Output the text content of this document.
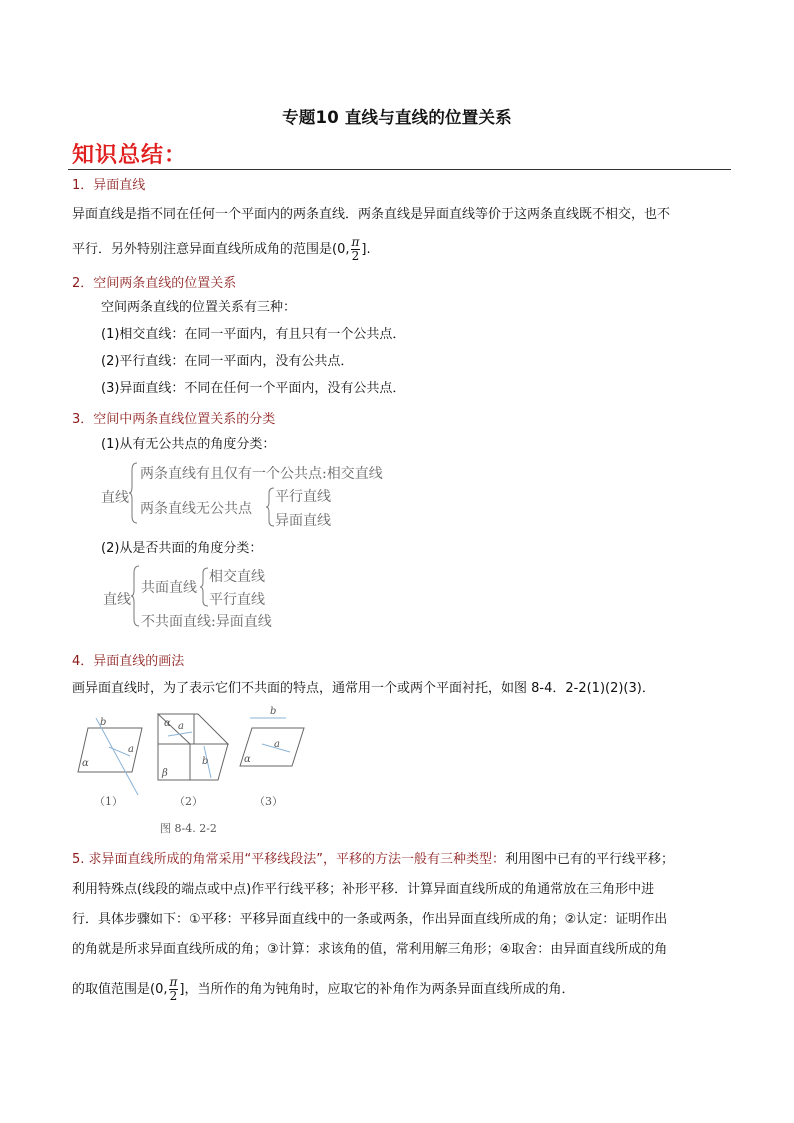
专题10 直线与直线的位置关系
知识总结：
1．异面直线
异面直线是指不同在任何一个平面内的两条直线．两条直线是异面直线等价于这两条直线既不相交，也不
平行．另外特别注意异面直线所成角的范围是(0, $\frac{\pi}{2}$ ].
2．空间两条直线的位置关系
空间两条直线的位置关系有三种：
(1)相交直线：在同一平面内，有且只有一个公共点．
(2)平行直线：在同一平面内，没有公共点．
(3)异面直线：不同在任何一个平面内，没有公共点．
3．空间中两条直线位置关系的分类
(1)从有无公共点的角度分类：
直线
两条直线有且仅有一个公共点:相交直线
两条直线无公共点
平行直线
异面直线
(2)从是否共面的角度分类：
直线
共面直线
相交直线
平行直线
不共面直线:异面直线
4．异面直线的画法
画异面直线时，为了表示它们不共面的特点，通常用一个或两个平面衬托，如图 8-4．2-2(1)(2)(3)．
b
α
a
α a
β
b
b
α
a
（1）	（2）	（3）
图 8-4. 2-2
5. 求异面直线所成的角常采用“平移线段法”，平移的方法一般有三种类型：利用图中已有的平行线平移；
利用特殊点(线段的端点或中点)作平行线平移；补形平移．计算异面直线所成的角通常放在三角形中进
行．具体步骤如下：①平移：平移异面直线中的一条或两条，作出异面直线所成的角；②认定：证明作出
的角就是所求异面直线所成的角；③计算：求该角的值，常利用解三角形；④取舍：由异面直线所成的角
的取值范围是(0, $\frac{\pi}{2}$ ]，当所作的角为钝角时，应取它的补角作为两条异面直线所成的角．
